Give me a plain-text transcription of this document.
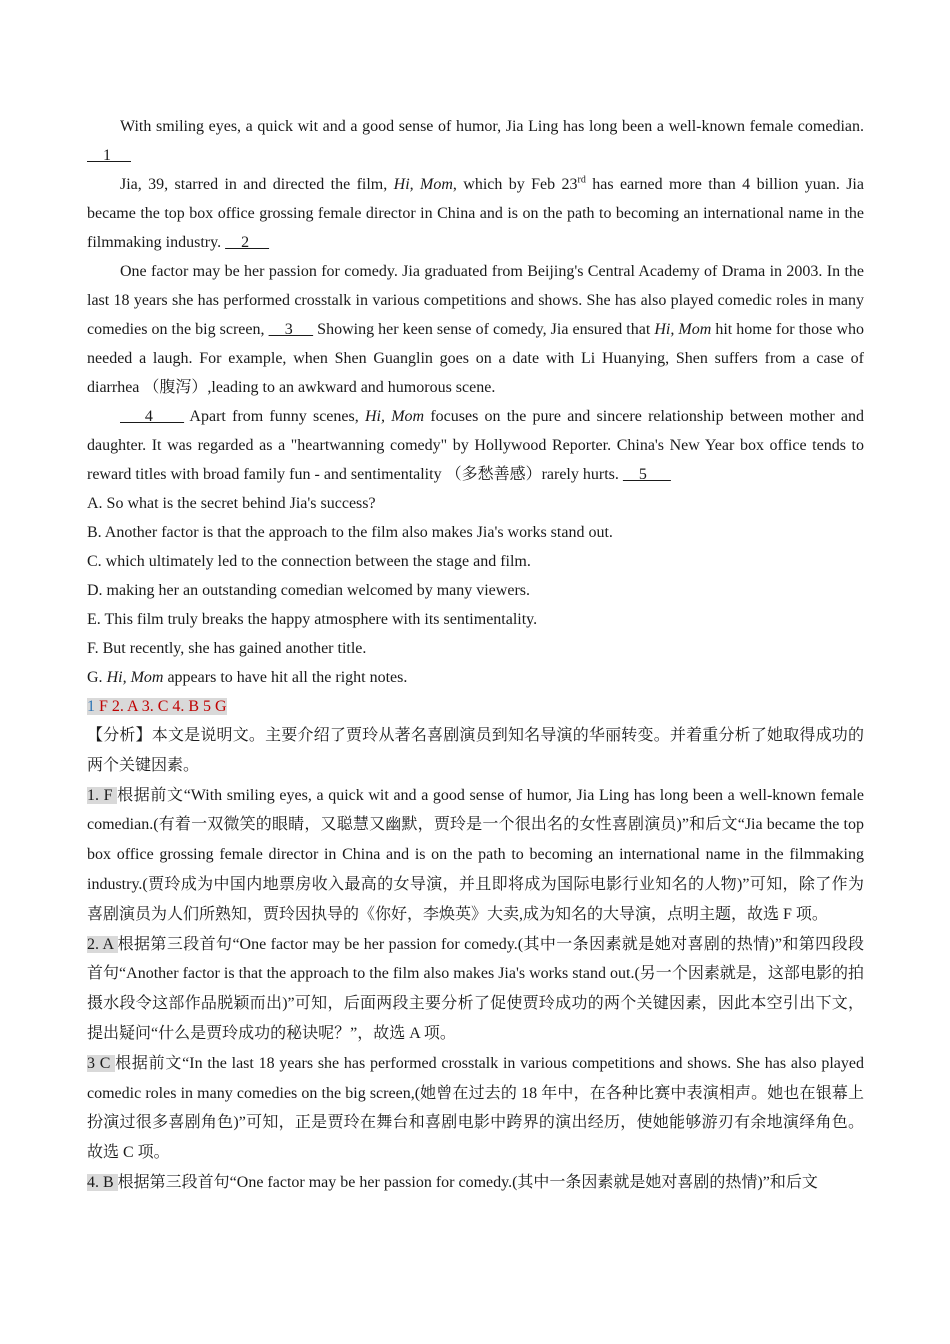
With smiling eyes, a quick wit and a good sense of humor, Jia Ling has long been a well-known female comedian.     1

Jia, 39, starred in and directed the film, Hi, Mom, which by Feb 23rd has earned more than 4 billion yuan. Jia became the top box office grossing female director in China and is on the path to becoming an international name in the filmmaking industry.     2

One factor may be her passion for comedy. Jia graduated from Beijing's Central Academy of Drama in 2003. In the last 18 years she has performed crosstalk in various competitions and shows. She has also played comedic roles in many comedies on the big screen,     3      Showing her keen sense of comedy, Jia ensured that Hi, Mom hit home for those who needed a laugh. For example, when Shen Guanglin goes on a date with Li Huanying, Shen suffers from a case of diarrhea （腹泻）,leading to an awkward and humorous scene.

4      Apart from funny scenes, Hi, Mom focuses on the pure and sincere relationship between mother and daughter. It was regarded as a "heartwanning comedy" by Hollywood Reporter. China's New Year box office tends to reward titles with broad family fun - and sentimentality （多愁善感）rarely hurts.     5

A. So what is the secret behind Jia's success?

B. Another factor is that the approach to the film also makes Jia's works stand out.

C. which ultimately led to the connection between the stage and film.

D. making her an outstanding comedian welcomed by many viewers.

E. This film truly breaks the happy atmosphere with its sentimentality.

F. But recently, she has gained another title.

G. Hi, Mom appears to have hit all the right notes.

1 F 2. A 3. C 4. B 5 G

【分析】本文是说明文。主要介绍了贾玲从著名喜剧演员到知名导演的华丽转变。并着重分析了她取得成功的两个关键因素。

1. F 根据前文“With smiling eyes, a quick wit and a good sense of humor, Jia Ling has long been a well-known female comedian.(有着一双微笑的眼睛，又聪慧又幽默，贾玲是一个很出名的女性喜剧演员)”和后文“Jia became the top box office grossing female director in China and is on the path to becoming an international name in the filmmaking industry.(贾玲成为中国内地票房收入最高的女导演，并且即将成为国际电影行业知名的人物)”可知，除了作为喜剧演员为人们所熟知，贾玲因执导的《你好，李焕英》大卖,成为知名的大导演，点明主题，故选 F 项。

2. A 根据第三段首句“One factor may be her passion for comedy.(其中一条因素就是她对喜剧的热情)”和第四段段首句“Another factor is that the approach to the film also makes Jia's works stand out.(另一个因素就是，这部电影的拍摄水段令这部作品脱颖而出)”可知，后面两段主要分析了促使贾玲成功的两个关键因素，因此本空引出下文，提出疑问“什么是贾玲成功的秘诀呢？”，故选 A 项。

3 C 根据前文“In the last 18 years she has performed crosstalk in various competitions and shows. She has also played comedic roles in many comedies on the big screen,(她曾在过去的 18 年中，在各种比赛中表演相声。她也在银幕上扮演过很多喜剧角色)”可知，正是贾玲在舞台和喜剧电影中跨界的演出经历，使她能够游刃有余地演绎角色。故选 C 项。

4. B 根据第三段首句“One factor may be her passion for comedy.(其中一条因素就是她对喜剧的热情)”和后文
